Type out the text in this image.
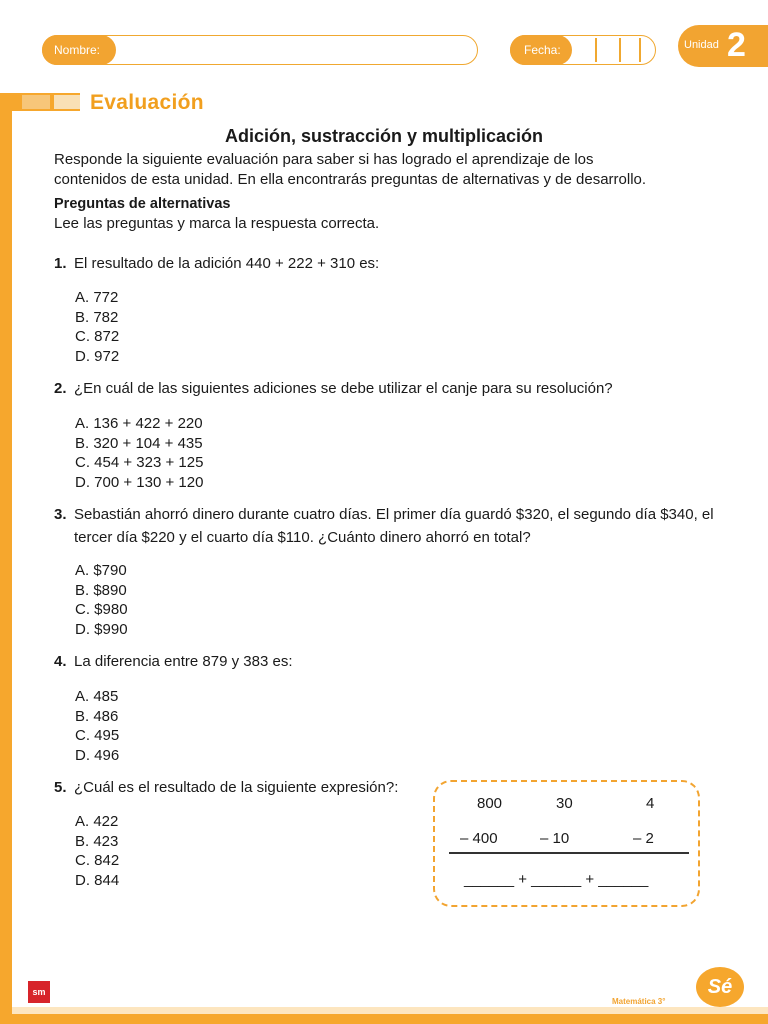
Nombre:	Fecha:	Unidad 2
Evaluación
Adición, sustracción y multiplicación
Responde la siguiente evaluación para saber si has logrado el aprendizaje de los
contenidos de esta unidad. En ella encontrarás preguntas de alternativas y de desarrollo.
Preguntas de alternativas
Lee las preguntas y marca la respuesta correcta.
1. El resultado de la adición 440 + 222 + 310 es:
A. 772
B. 782
C. 872
D. 972
2. ¿En cuál de las siguientes adiciones se debe utilizar el canje para su resolución?
A. 136 + 422 + 220
B. 320 + 104 + 435
C. 454 + 323 + 125
D. 700 + 130 + 120
3. Sebastián ahorró dinero durante cuatro días. El primer día guardó $320, el segundo día $340, el tercer día $220 y el cuarto día $110. ¿Cuánto dinero ahorró en total?
A. $790
B. $890
C. $980
D. $990
4. La diferencia entre 879 y 383 es:
A. 485
B. 486
C. 495
D. 496
5. ¿Cuál es el resultado de la siguiente expresión?:
A. 422
B. 423
C. 842
D. 844
800	30	4
– 400	– 10	– 2
______ + ______ + ______
sm
Matemática 3°
Sé
